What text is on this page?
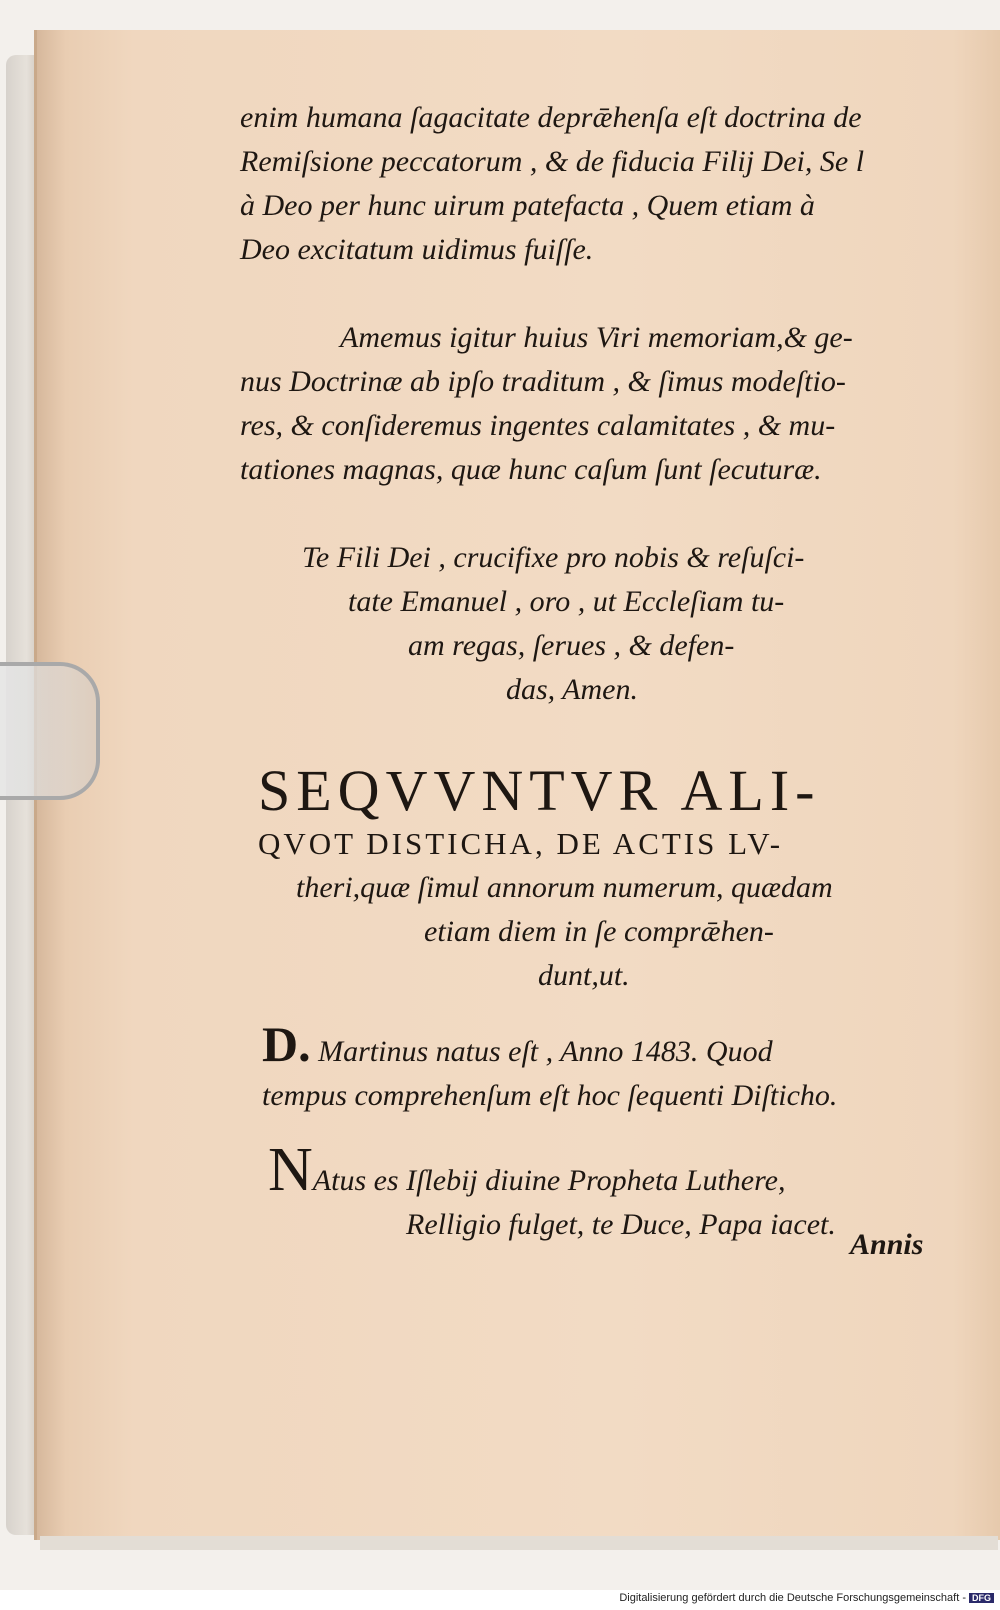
enim humana ſagacitate deprǣhenſa eſt doctrina de
Remiſsione peccatorum , & de fiducia Filij Dei, Se l
à Deo per hunc uirum patefacta , Quem etiam à
Deo excitatum uidimus fuiſſe.
Amemus igitur huius Viri memoriam,& ge-
nus Doctrinæ ab ipſo traditum , & ſimus modeſtio-
res, & conſideremus ingentes calamitates , & mu-
tationes magnas, quæ hunc caſum ſunt ſecuturæ.
Te Fili Dei , crucifixe pro nobis & reſuſci-
tate Emanuel , oro , ut Eccleſiam tu-
am regas, ſerues , & defen-
das, Amen.
SEQVVNTVR ALI-
QVOT DISTICHA, DE ACTIS LV-
theri,quæ ſimul annorum numerum, quædam
etiam diem in ſe comprǣhen-
dunt,ut.
D. Martinus natus eſt , Anno 1483. Quod
tempus comprehenſum eſt hoc ſequenti Diſticho.
NAtus es Iſlebij diuine Propheta Luthere,
Relligio fulget, te Duce, Papa iacet.
Annis
Digitalisierung gefördert durch die Deutsche Forschungsgemeinschaft - DFG
